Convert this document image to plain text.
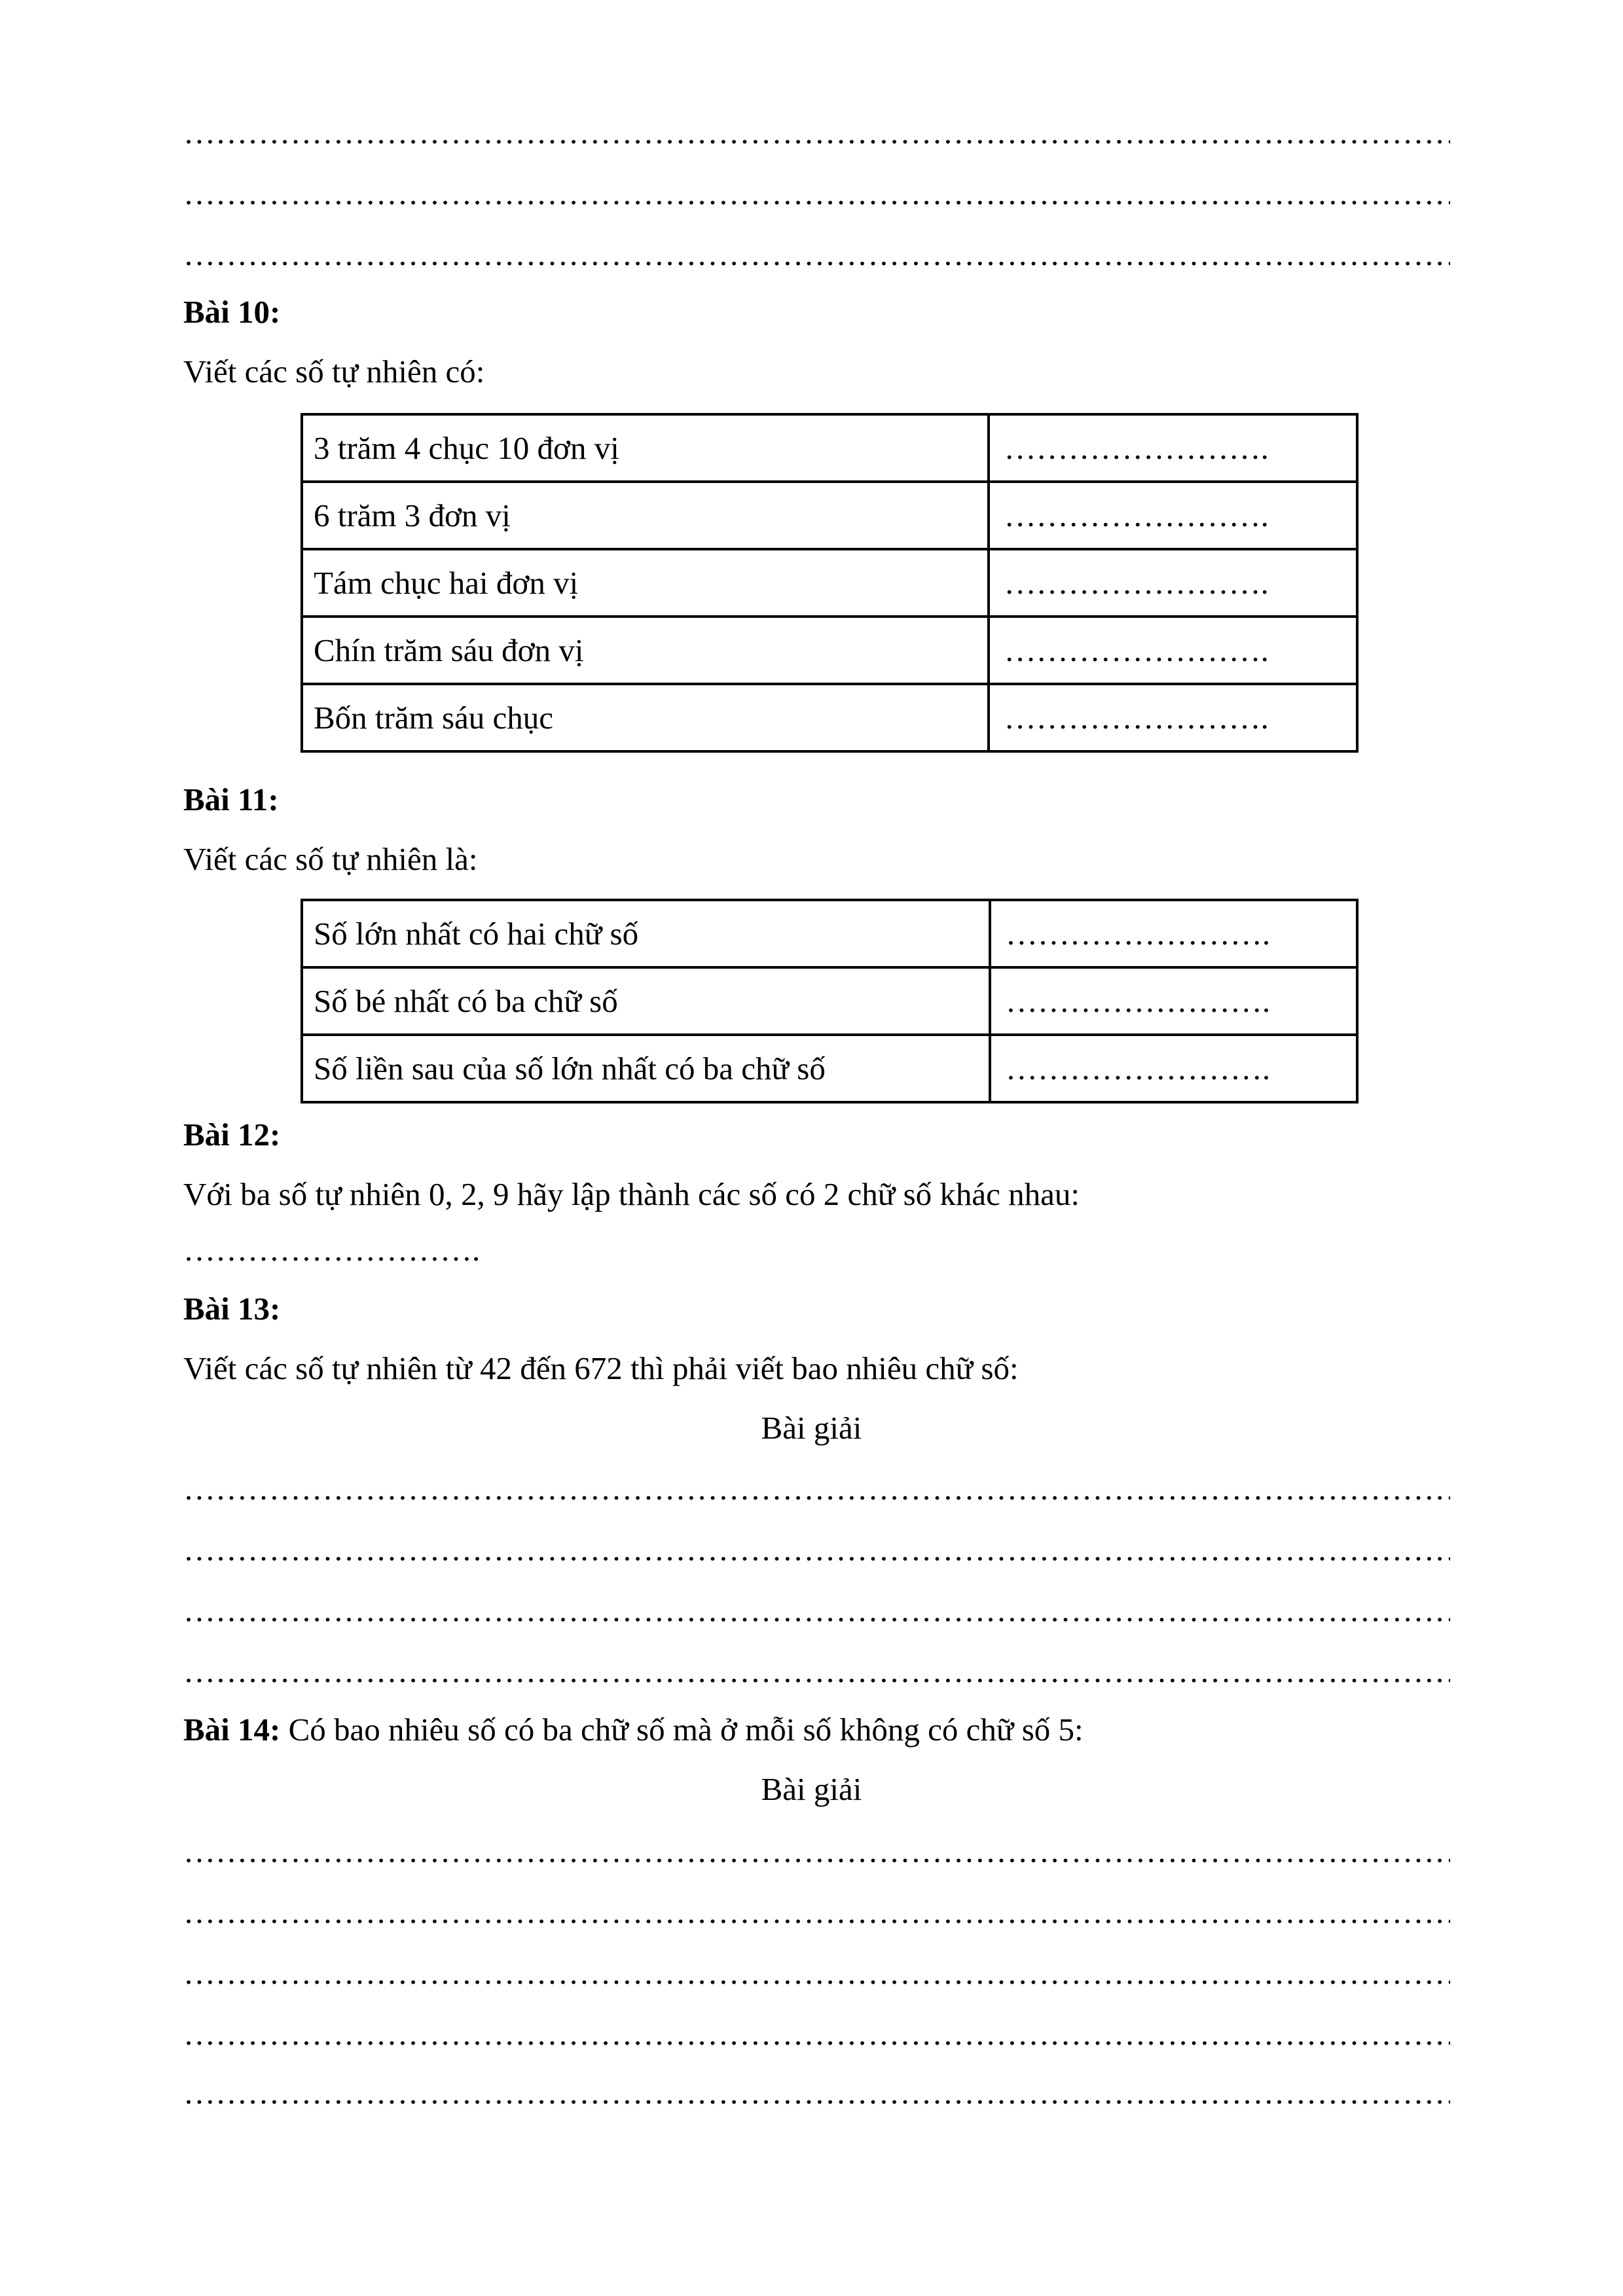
……………………………………………………………………………………………………………………………………………………………………………………………………………
……………………………………………………………………………………………………………………………………………………………………………………………………………
……………………………………………………………………………………………………………………………………………………………………………………………………………
Bài 10:
Viết các số tự nhiên có:
3 trăm 4 chục 10 đơn vị	…………………….
6 trăm 3 đơn vị	…………………….
Tám chục hai đơn vị	…………………….
Chín trăm sáu đơn vị	…………………….
Bốn trăm sáu chục	…………………….
Bài 11:
Viết các số tự nhiên là:
Số lớn nhất có hai chữ số	…………………….
Số bé nhất có ba chữ số	…………………….
Số liền sau của số lớn nhất có ba chữ số	…………………….
Bài 12:
Với ba số tự nhiên 0, 2, 9 hãy lập thành các số có 2 chữ số khác nhau:
……………………….
Bài 13:
Viết các số tự nhiên từ 42 đến 672 thì phải viết bao nhiêu chữ số:
Bài giải
……………………………………………………………………………………………………………………………………………………………………………………………………………
……………………………………………………………………………………………………………………………………………………………………………………………………………
……………………………………………………………………………………………………………………………………………………………………………………………………………
……………………………………………………………………………………………………………………………………………………………………………………………………………
Bài 14: Có bao nhiêu số có ba chữ số mà ở mỗi số không có chữ số 5:
Bài giải
……………………………………………………………………………………………………………………………………………………………………………………………………………
……………………………………………………………………………………………………………………………………………………………………………………………………………
……………………………………………………………………………………………………………………………………………………………………………………………………………
……………………………………………………………………………………………………………………………………………………………………………………………………………
……………………………………………………………………………………………………………………………………………………………………………………………………………
